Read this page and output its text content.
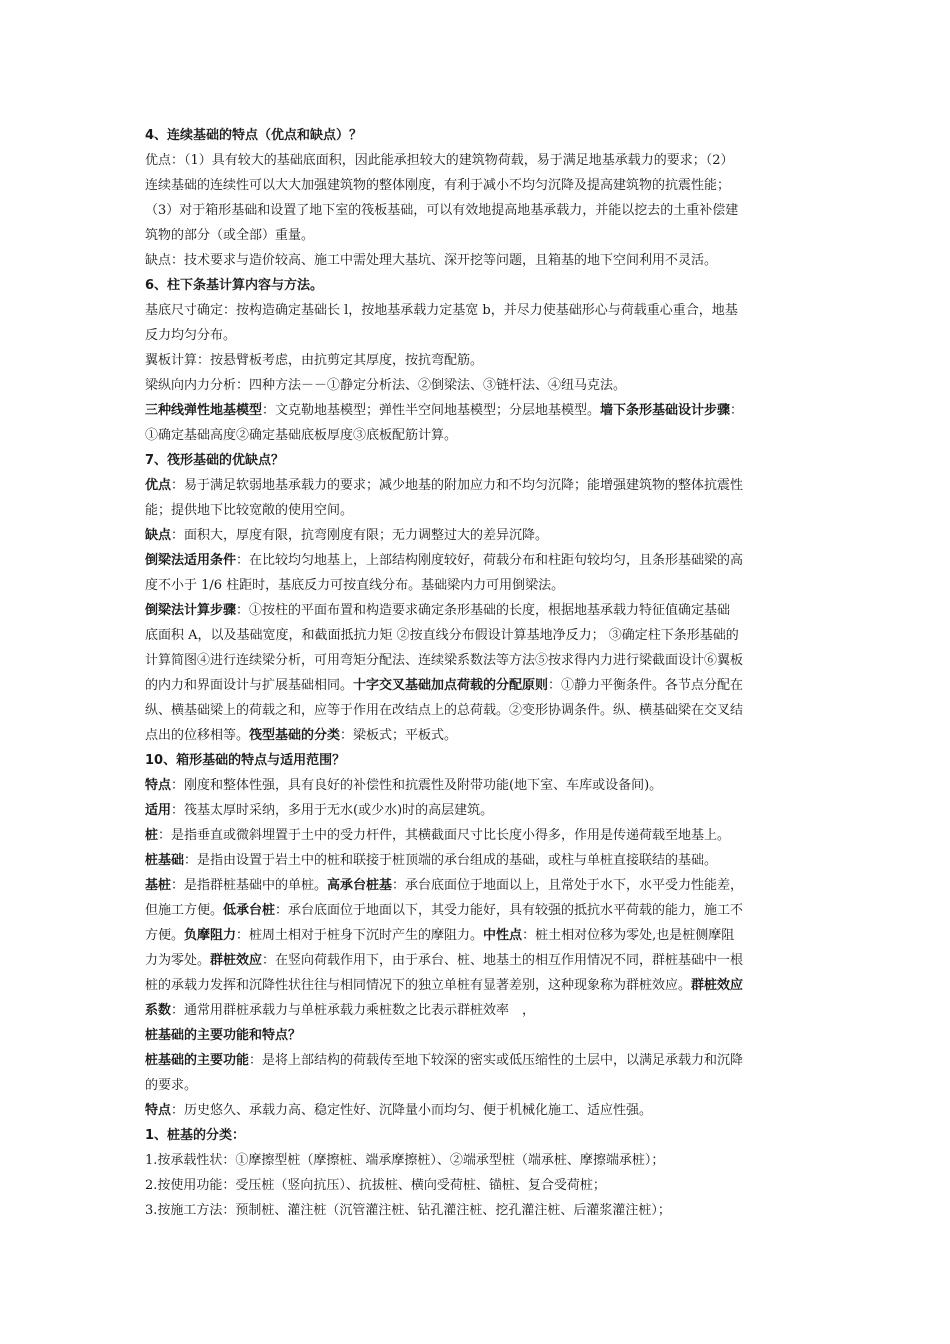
4、连续基础的特点（优点和缺点）？
优点：（1）具有较大的基础底面积，因此能承担较大的建筑物荷载，易于满足地基承载力的要求；（2）
连续基础的连续性可以大大加强建筑物的整体刚度，有利于减小不均匀沉降及提高建筑物的抗震性能；
（3）对于箱形基础和设置了地下室的筏板基础，可以有效地提高地基承载力，并能以挖去的土重补偿建
筑物的部分（或全部）重量。
缺点：技术要求与造价较高、施工中需处理大基坑、深开挖等问题，且箱基的地下空间利用不灵活。
6、柱下条基计算内容与方法。
基底尺寸确定：按构造确定基础长 l，按地基承载力定基宽 b，并尽力使基础形心与荷载重心重合，地基
反力均匀分布。
翼板计算：按悬臂板考虑，由抗剪定其厚度，按抗弯配筋。
梁纵向内力分析：四种方法－－①静定分析法、②倒梁法、③链杆法、④纽马克法。
三种线弹性地基模型：文克勒地基模型；弹性半空间地基模型；分层地基模型。墙下条形基础设计步骤：
①确定基础高度②确定基础底板厚度③底板配筋计算。
7、筏形基础的优缺点？
优点：易于满足软弱地基承载力的要求；减少地基的附加应力和不均匀沉降；能增强建筑物的整体抗震性
能；提供地下比较宽敞的使用空间。
缺点：面积大，厚度有限，抗弯刚度有限；无力调整过大的差异沉降。
倒梁法适用条件：在比较均匀地基上，上部结构刚度较好，荷载分布和柱距句较均匀，且条形基础梁的高
度不小于 1/6 柱距时，基底反力可按直线分布。基础梁内力可用倒梁法。
倒梁法计算步骤：①按柱的平面布置和构造要求确定条形基础的长度，根据地基承载力特征值确定基础
底面积 A，以及基础宽度，和截面抵抗力矩 ②按直线分布假设计算基地净反力； ③确定柱下条形基础的
计算简图④进行连续梁分析，可用弯矩分配法、连续梁系数法等方法⑤按求得内力进行梁截面设计⑥翼板
的内力和界面设计与扩展基础相同。十字交叉基础加点荷载的分配原则：①静力平衡条件。各节点分配在
纵、横基础梁上的荷载之和，应等于作用在改结点上的总荷载。②变形协调条件。纵、横基础梁在交叉结
点出的位移相等。筏型基础的分类：梁板式；平板式。
10、箱形基础的特点与适用范围？
特点：刚度和整体性强，具有良好的补偿性和抗震性及附带功能(地下室、车库或设备间)。
适用：筏基太厚时采纳，多用于无水(或少水)时的高层建筑。
桩：是指垂直或微斜埋置于土中的受力杆件，其横截面尺寸比长度小得多，作用是传递荷载至地基上。
桩基础：是指由设置于岩土中的桩和联接于桩顶端的承台组成的基础，或柱与单桩直接联结的基础。
基桩：是指群桩基础中的单桩。高承台桩基：承台底面位于地面以上，且常处于水下，水平受力性能差，
但施工方便。低承台桩：承台底面位于地面以下，其受力能好，具有较强的抵抗水平荷载的能力，施工不
方便。负摩阻力：桩周土相对于桩身下沉时产生的摩阻力。中性点：桩土相对位移为零处,也是桩侧摩阻
力为零处。群桩效应：在竖向荷载作用下，由于承台、桩、地基土的相互作用情况不同，群桩基础中一根
桩的承载力发挥和沉降性状往往与相同情况下的独立单桩有显著差别，这种现象称为群桩效应。群桩效应
系数：通常用群桩承载力与单桩承载力乘桩数之比表示群桩效率　，
桩基础的主要功能和特点？
桩基础的主要功能：是将上部结构的荷载传至地下较深的密实或低压缩性的土层中，以满足承载力和沉降
的要求。
特点：历史悠久、承载力高、稳定性好、沉降量小而均匀、便于机械化施工、适应性强。
1、桩基的分类：
1.按承载性状：①摩擦型桩（摩擦桩、端承摩擦桩）、②端承型桩（端承桩、摩擦端承桩）；
2.按使用功能：受压桩（竖向抗压）、抗拔桩、横向受荷桩、锚桩、复合受荷桩；
3.按施工方法：预制桩、灌注桩（沉管灌注桩、钻孔灌注桩、挖孔灌注桩、后灌浆灌注桩）；
